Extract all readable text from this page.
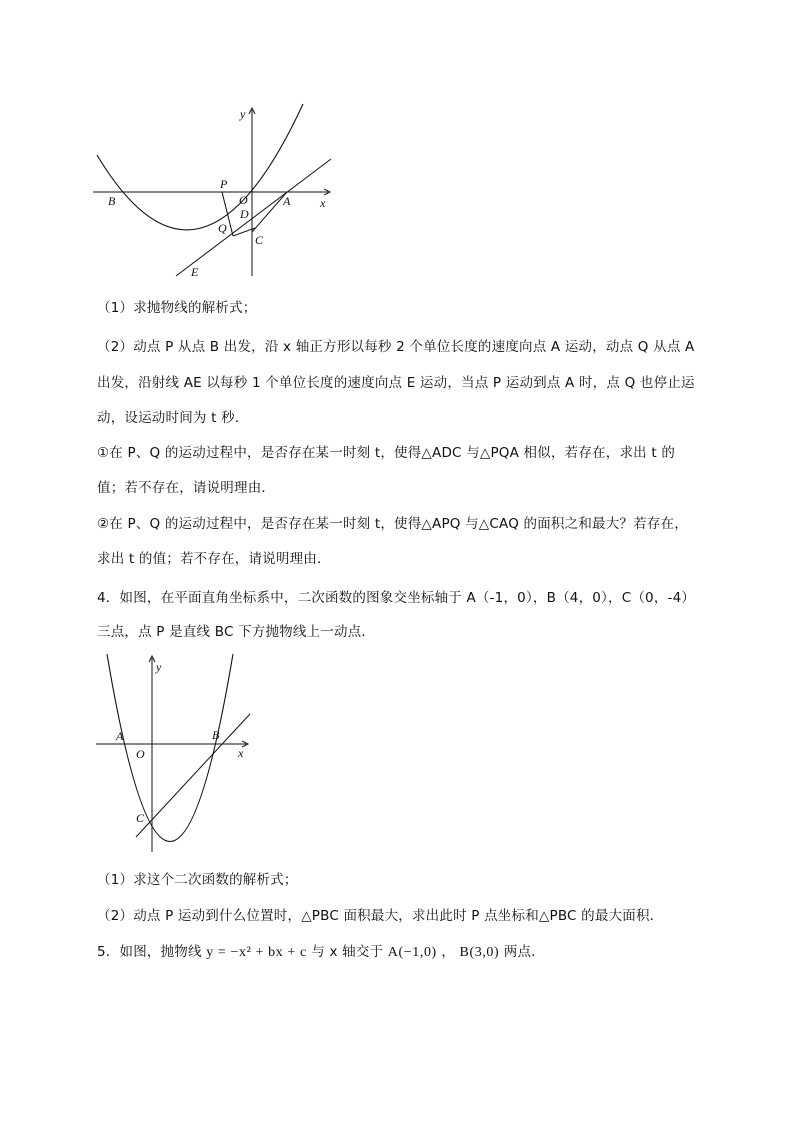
y
x
P
O
D
A
B
Q
C
E
（1）求抛物线的解析式；
（2）动点 P 从点 B 出发，沿 x 轴正方形以每秒 2 个单位长度的速度向点 A 运动，动点 Q 从点 A
出发，沿射线 AE 以每秒 1 个单位长度的速度向点 E 运动，当点 P 运动到点 A 时，点 Q 也停止运
动，设运动时间为 t 秒．
①在 P、Q 的运动过程中，是否存在某一时刻 t，使得△ADC 与△PQA 相似，若存在，求出 t 的
值；若不存在，请说明理由．
②在 P、Q 的运动过程中，是否存在某一时刻 t，使得△APQ 与△CAQ 的面积之和最大？若存在，
求出 t 的值；若不存在，请说明理由．
4．如图，在平面直角坐标系中，二次函数的图象交坐标轴于 A（-1，0），B（4，0），C（0，-4）
三点，点 P 是直线 BC 下方抛物线上一动点．
y
x
A
O
B
C
（1）求这个二次函数的解析式；
（2）动点 P 运动到什么位置时，△PBC 面积最大，求出此时 P 点坐标和△PBC 的最大面积．
5．如图，抛物线 y = −x² + bx + c 与 x 轴交于 A(−1,0) ， B(3,0) 两点．
